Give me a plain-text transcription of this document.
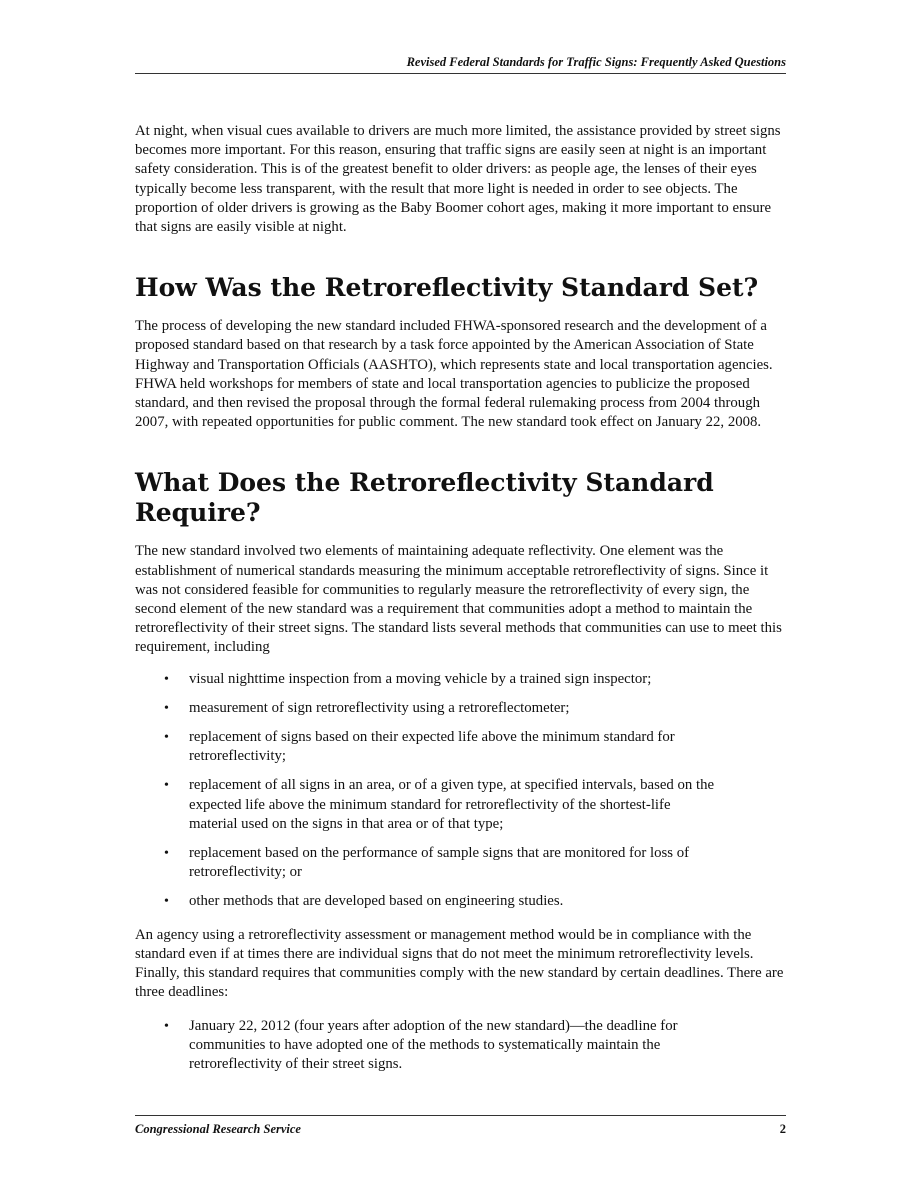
Revised Federal Standards for Traffic Signs: Frequently Asked Questions

At night, when visual cues available to drivers are much more limited, the assistance provided by street signs becomes more important. For this reason, ensuring that traffic signs are easily seen at night is an important safety consideration. This is of the greatest benefit to older drivers: as people age, the lenses of their eyes typically become less transparent, with the result that more light is needed in order to see objects. The proportion of older drivers is growing as the Baby Boomer cohort ages, making it more important to ensure that signs are easily visible at night.

How Was the Retroreflectivity Standard Set?

The process of developing the new standard included FHWA-sponsored research and the development of a proposed standard based on that research by a task force appointed by the American Association of State Highway and Transportation Officials (AASHTO), which represents state and local transportation agencies. FHWA held workshops for members of state and local transportation agencies to publicize the proposed standard, and then revised the proposal through the formal federal rulemaking process from 2004 through 2007, with repeated opportunities for public comment. The new standard took effect on January 22, 2008.

What Does the Retroreflectivity Standard Require?

The new standard involved two elements of maintaining adequate reflectivity. One element was the establishment of numerical standards measuring the minimum acceptable retroreflectivity of signs. Since it was not considered feasible for communities to regularly measure the retroreflectivity of every sign, the second element of the new standard was a requirement that communities adopt a method to maintain the retroreflectivity of their street signs. The standard lists several methods that communities can use to meet this requirement, including

• visual nighttime inspection from a moving vehicle by a trained sign inspector;
• measurement of sign retroreflectivity using a retroreflectometer;
• replacement of signs based on their expected life above the minimum standard for retroreflectivity;
• replacement of all signs in an area, or of a given type, at specified intervals, based on the expected life above the minimum standard for retroreflectivity of the shortest-life material used on the signs in that area or of that type;
• replacement based on the performance of sample signs that are monitored for loss of retroreflectivity; or
• other methods that are developed based on engineering studies.

An agency using a retroreflectivity assessment or management method would be in compliance with the standard even if at times there are individual signs that do not meet the minimum retroreflectivity levels. Finally, this standard requires that communities comply with the new standard by certain deadlines. There are three deadlines:

• January 22, 2012 (four years after adoption of the new standard)—the deadline for communities to have adopted one of the methods to systematically maintain the retroreflectivity of their street signs.
Congressional Research Service	2
